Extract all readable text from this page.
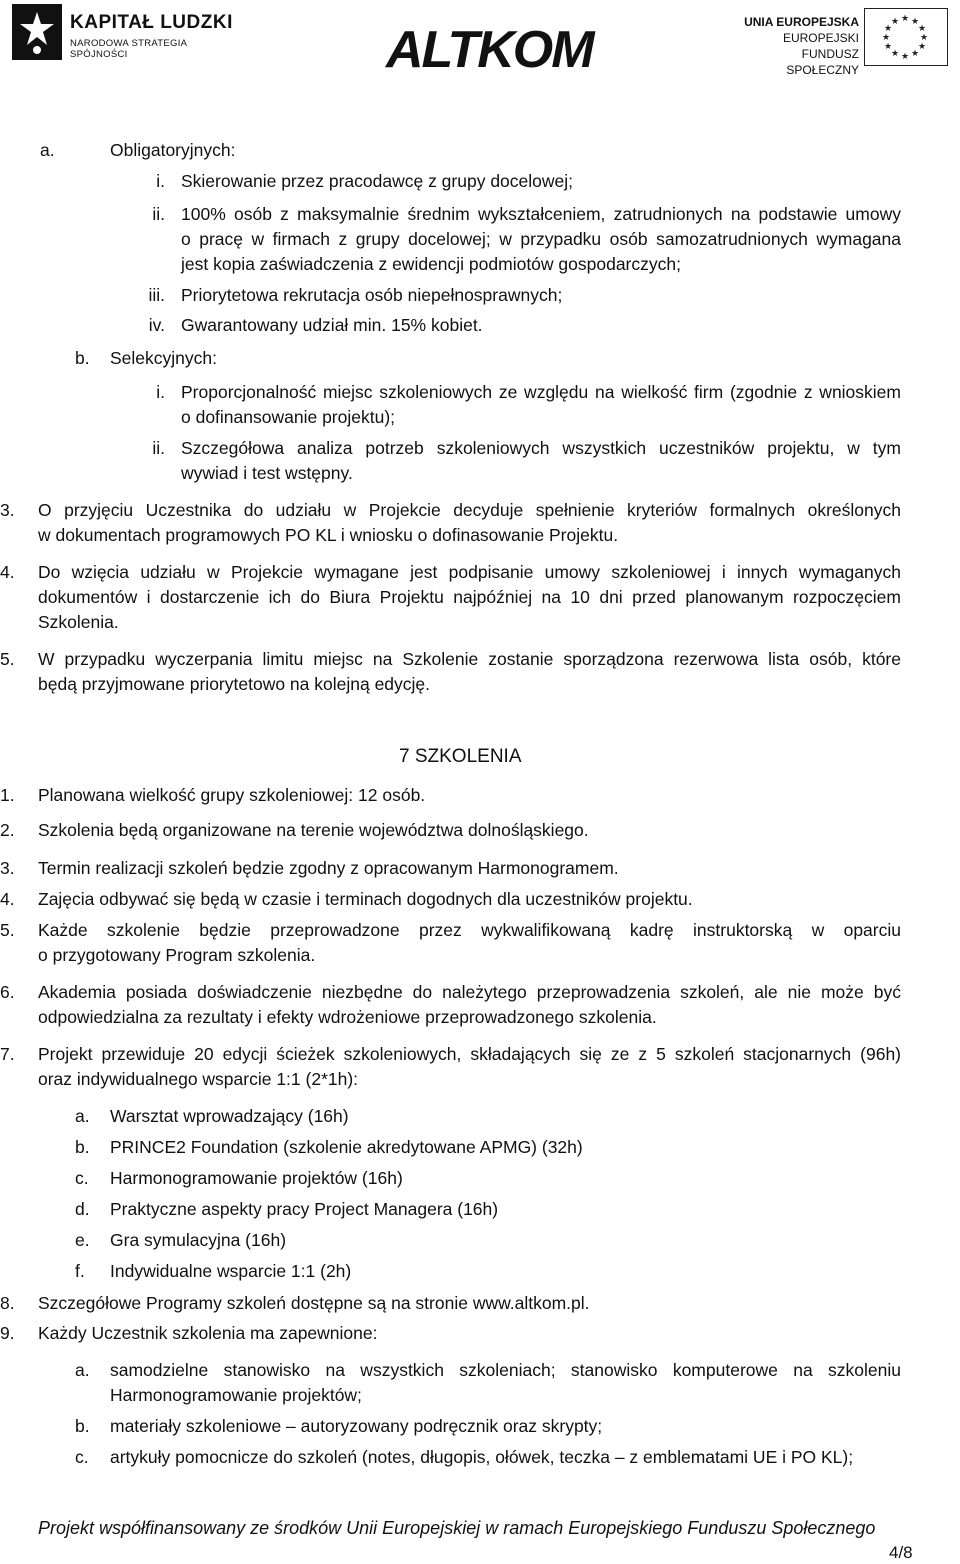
KAPITAŁ LUDZKI
NARODOWA STRATEGIA SPÓJNOŚCI	ALTKOM	UNIA EUROPEJSKA
EUROPEJSKI
FUNDUSZ SPOŁECZNY
★ ★
★
★
★
★
★
★
★
★
★
★
a.	Obligatoryjnych:
i. Skierowanie przez pracodawcę z grupy docelowej;
ii. 100% osób z maksymalnie średnim wykształceniem, zatrudnionych na podstawie umowy
o pracę w firmach z grupy docelowej; w przypadku osób samozatrudnionych wymagana
jest kopia zaświadczenia z ewidencji podmiotów gospodarczych;
iii. Priorytetowa rekrutacja osób niepełnosprawnych;
iv. Gwarantowany udział min. 15% kobiet.
b.	Selekcyjnych:
i. Proporcjonalność miejsc szkoleniowych ze względu na wielkość firm (zgodnie z wnioskiem
o dofinansowanie projektu);
ii. Szczegółowa analiza potrzeb szkoleniowych wszystkich uczestników projektu, w tym
wywiad i test wstępny.
3.	O przyjęciu Uczestnika do udziału w Projekcie decyduje spełnienie kryteriów formalnych określonych
w dokumentach programowych PO KL i wniosku o dofinasowanie Projektu.
4.	Do wzięcia udziału w Projekcie wymagane jest podpisanie umowy szkoleniowej i innych wymaganych
dokumentów i dostarczenie ich do Biura Projektu najpóźniej na 10 dni przed planowanym rozpoczęciem
Szkolenia.
5.	W przypadku wyczerpania limitu miejsc na Szkolenie zostanie sporządzona rezerwowa lista osób, które
będą przyjmowane priorytetowo na kolejną edycję.
7 SZKOLENIA
1.	Planowana wielkość grupy szkoleniowej: 12 osób.
2.	Szkolenia będą organizowane na terenie województwa dolnośląskiego.
3.	Termin realizacji szkoleń będzie zgodny z opracowanym Harmonogramem.
4.	Zajęcia odbywać się będą w czasie i terminach dogodnych dla uczestników projektu.
5.	Każde szkolenie będzie przeprowadzone przez wykwalifikowaną kadrę instruktorską w oparciu
o przygotowany Program szkolenia.
6.	Akademia posiada doświadczenie niezbędne do należytego przeprowadzenia szkoleń, ale nie może być
odpowiedzialna za rezultaty i efekty wdrożeniowe przeprowadzonego szkolenia.
7.	Projekt przewiduje 20 edycji ścieżek szkoleniowych, składających się ze z 5 szkoleń stacjonarnych (96h)
oraz indywidualnego wsparcie 1:1 (2*1h):
a.	Warsztat wprowadzający (16h)
b.	PRINCE2 Foundation (szkolenie akredytowane APMG) (32h)
c.	Harmonogramowanie projektów (16h)
d.	Praktyczne aspekty pracy Project Managera (16h)
e.	Gra symulacyjna (16h)
f.	Indywidualne wsparcie 1:1 (2h)
8.	Szczegółowe Programy szkoleń dostępne są na stronie www.altkom.pl.
9.	Każdy Uczestnik szkolenia ma zapewnione:
a.	samodzielne stanowisko na wszystkich szkoleniach; stanowisko komputerowe na szkoleniu
Harmonogramowanie projektów;
b.	materiały szkoleniowe – autoryzowany podręcznik oraz skrypty;
c.	artykuły pomocnicze do szkoleń (notes, długopis, ołówek, teczka – z emblematami UE i PO KL);
Projekt współfinansowany ze środków Unii Europejskiej w ramach Europejskiego Funduszu Społecznego
4/8
